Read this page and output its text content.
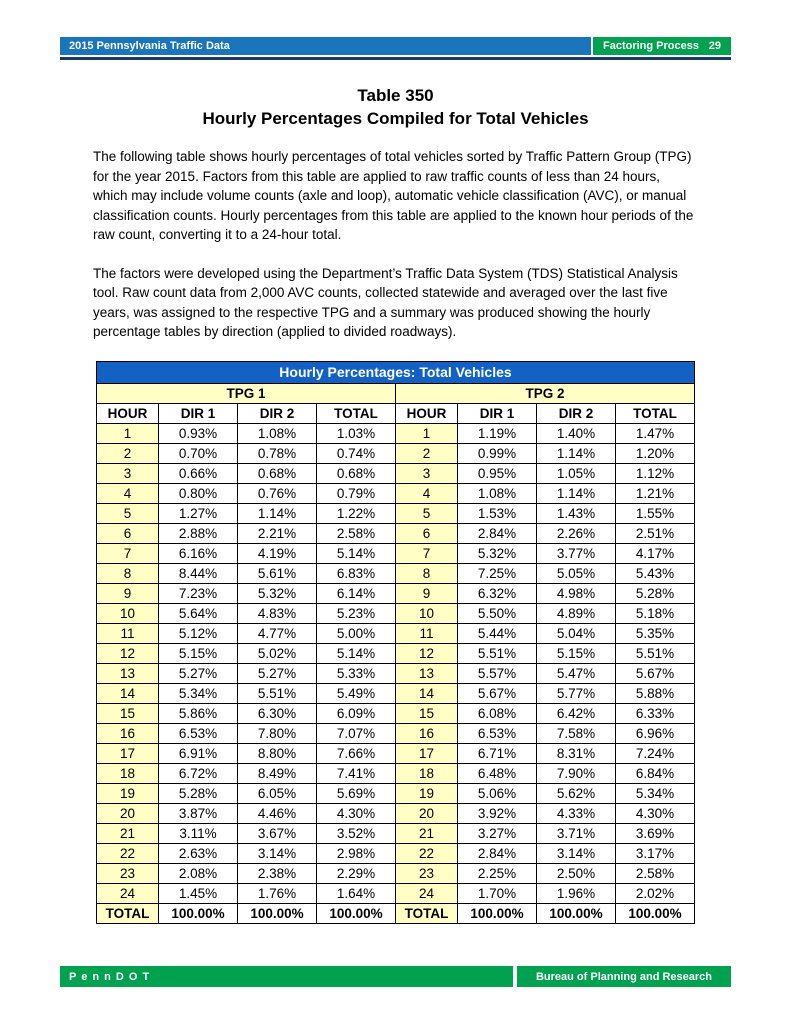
2015 Pennsylvania Traffic Data	Factoring Process 29
Table 350
Hourly Percentages Compiled for Total Vehicles

The following table shows hourly percentages of total vehicles sorted by Traffic Pattern Group (TPG) for the year 2015. Factors from this table are applied to raw traffic counts of less than 24 hours, which may include volume counts (axle and loop), automatic vehicle classification (AVC), or manual classification counts. Hourly percentages from this table are applied to the known hour periods of the raw count, converting it to a 24-hour total.

The factors were developed using the Department’s Traffic Data System (TDS) Statistical Analysis tool. Raw count data from 2,000 AVC counts, collected statewide and averaged over the last five years, was assigned to the respective TPG and a summary was produced showing the hourly percentage tables by direction (applied to divided roadways).

Hourly Percentages: Total Vehicles							
TPG 1				TPG 2			
HOUR	DIR 1	DIR 2	TOTAL	HOUR	DIR 1	DIR 2	TOTAL
1	0.93%	1.08%	1.03%	1	1.19%	1.40%	1.47%
2	0.70%	0.78%	0.74%	2	0.99%	1.14%	1.20%
3	0.66%	0.68%	0.68%	3	0.95%	1.05%	1.12%
4	0.80%	0.76%	0.79%	4	1.08%	1.14%	1.21%
5	1.27%	1.14%	1.22%	5	1.53%	1.43%	1.55%
6	2.88%	2.21%	2.58%	6	2.84%	2.26%	2.51%
7	6.16%	4.19%	5.14%	7	5.32%	3.77%	4.17%
8	8.44%	5.61%	6.83%	8	7.25%	5.05%	5.43%
9	7.23%	5.32%	6.14%	9	6.32%	4.98%	5.28%
10	5.64%	4.83%	5.23%	10	5.50%	4.89%	5.18%
11	5.12%	4.77%	5.00%	11	5.44%	5.04%	5.35%
12	5.15%	5.02%	5.14%	12	5.51%	5.15%	5.51%
13	5.27%	5.27%	5.33%	13	5.57%	5.47%	5.67%
14	5.34%	5.51%	5.49%	14	5.67%	5.77%	5.88%
15	5.86%	6.30%	6.09%	15	6.08%	6.42%	6.33%
16	6.53%	7.80%	7.07%	16	6.53%	7.58%	6.96%
17	6.91%	8.80%	7.66%	17	6.71%	8.31%	7.24%
18	6.72%	8.49%	7.41%	18	6.48%	7.90%	6.84%
19	5.28%	6.05%	5.69%	19	5.06%	5.62%	5.34%
20	3.87%	4.46%	4.30%	20	3.92%	4.33%	4.30%
21	3.11%	3.67%	3.52%	21	3.27%	3.71%	3.69%
22	2.63%	3.14%	2.98%	22	2.84%	3.14%	3.17%
23	2.08%	2.38%	2.29%	23	2.25%	2.50%	2.58%
24	1.45%	1.76%	1.64%	24	1.70%	1.96%	2.02%
TOTAL	100.00%	100.00%	100.00%	TOTAL	100.00%	100.00%	100.00%
P e n n D O T	Bureau of Planning and Research
